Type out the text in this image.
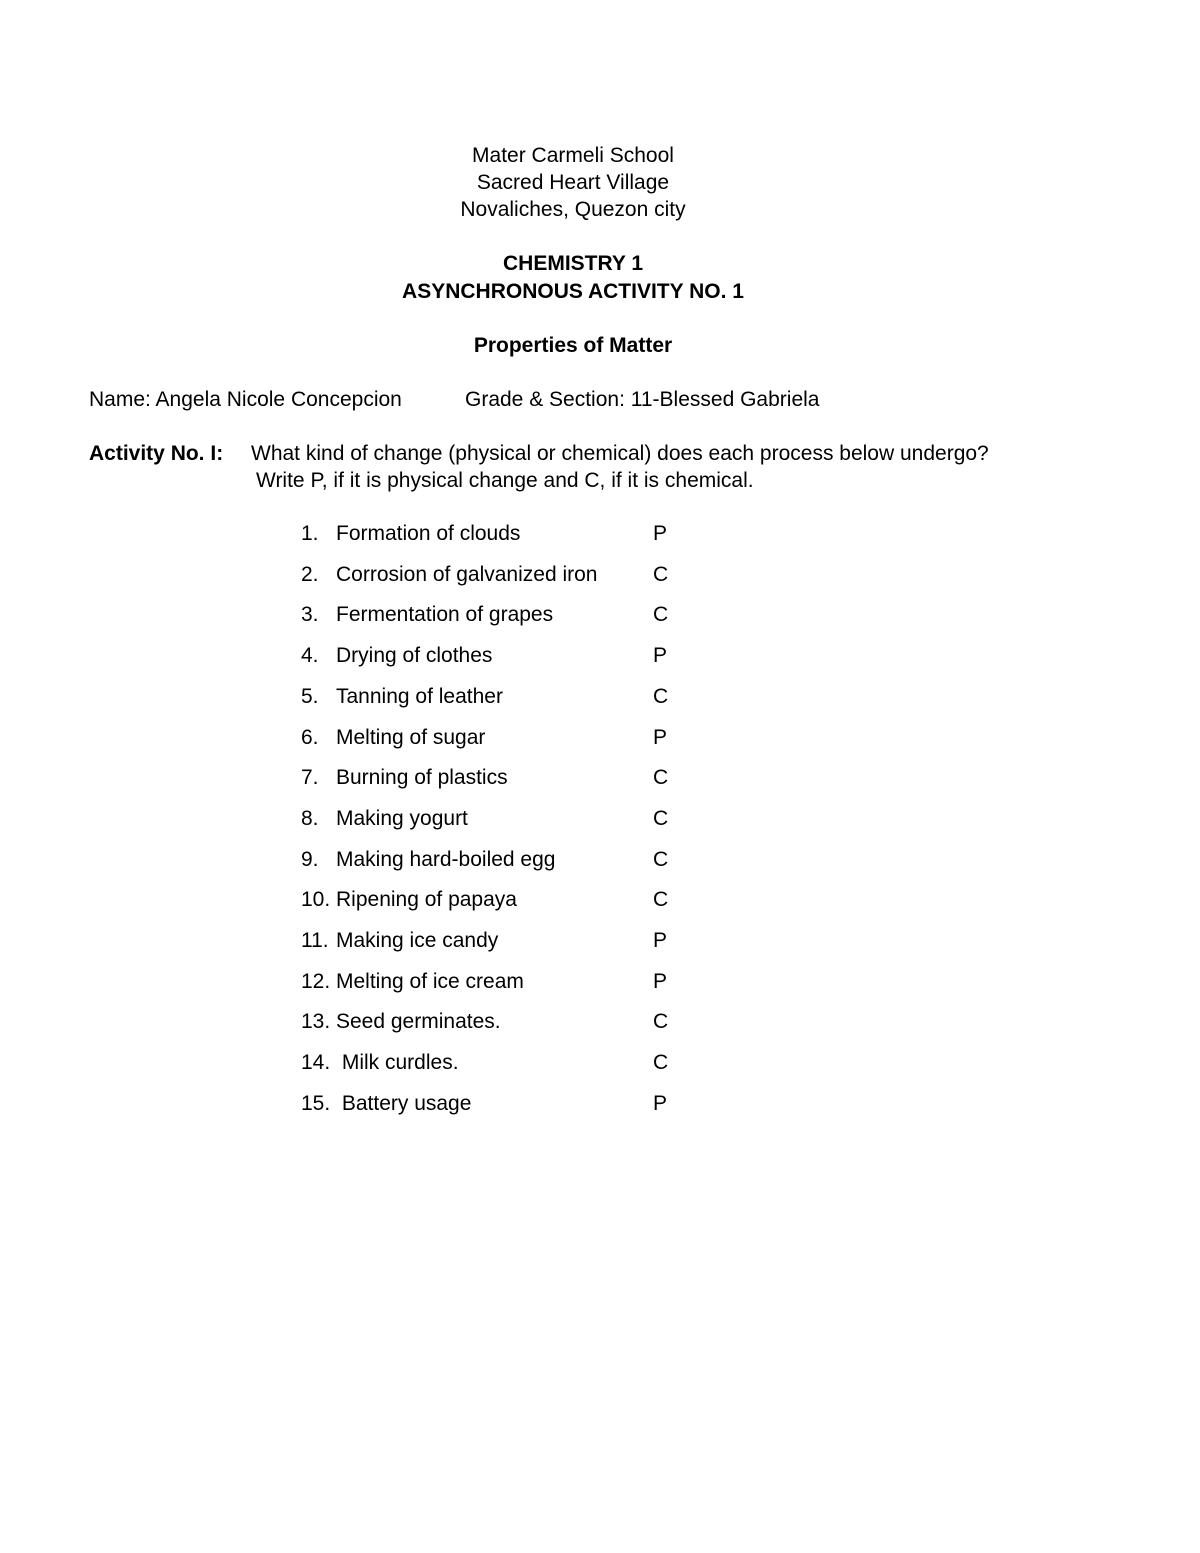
Mater Carmeli School
Sacred Heart Village
Novaliches, Quezon city
CHEMISTRY 1
ASYNCHRONOUS ACTIVITY NO. 1
Properties of Matter
Name: Angela Nicole Concepcion	Grade & Section: 11-Blessed Gabriela
Activity No. I: What kind of change (physical or chemical) does each process below undergo?
Write P, if it is physical change and C, if it is chemical.
1. Formation of clouds	P
2. Corrosion of galvanized iron	C
3. Fermentation of grapes	C
4. Drying of clothes	P
5. Tanning of leather	C
6. Melting of sugar	P
7. Burning of plastics	C
8. Making yogurt	C
9. Making hard-boiled egg	C
10. Ripening of papaya	C
11. Making ice candy	P
12. Melting of ice cream	P
13. Seed germinates.	C
14. Milk curdles.	C
15. Battery usage	P
